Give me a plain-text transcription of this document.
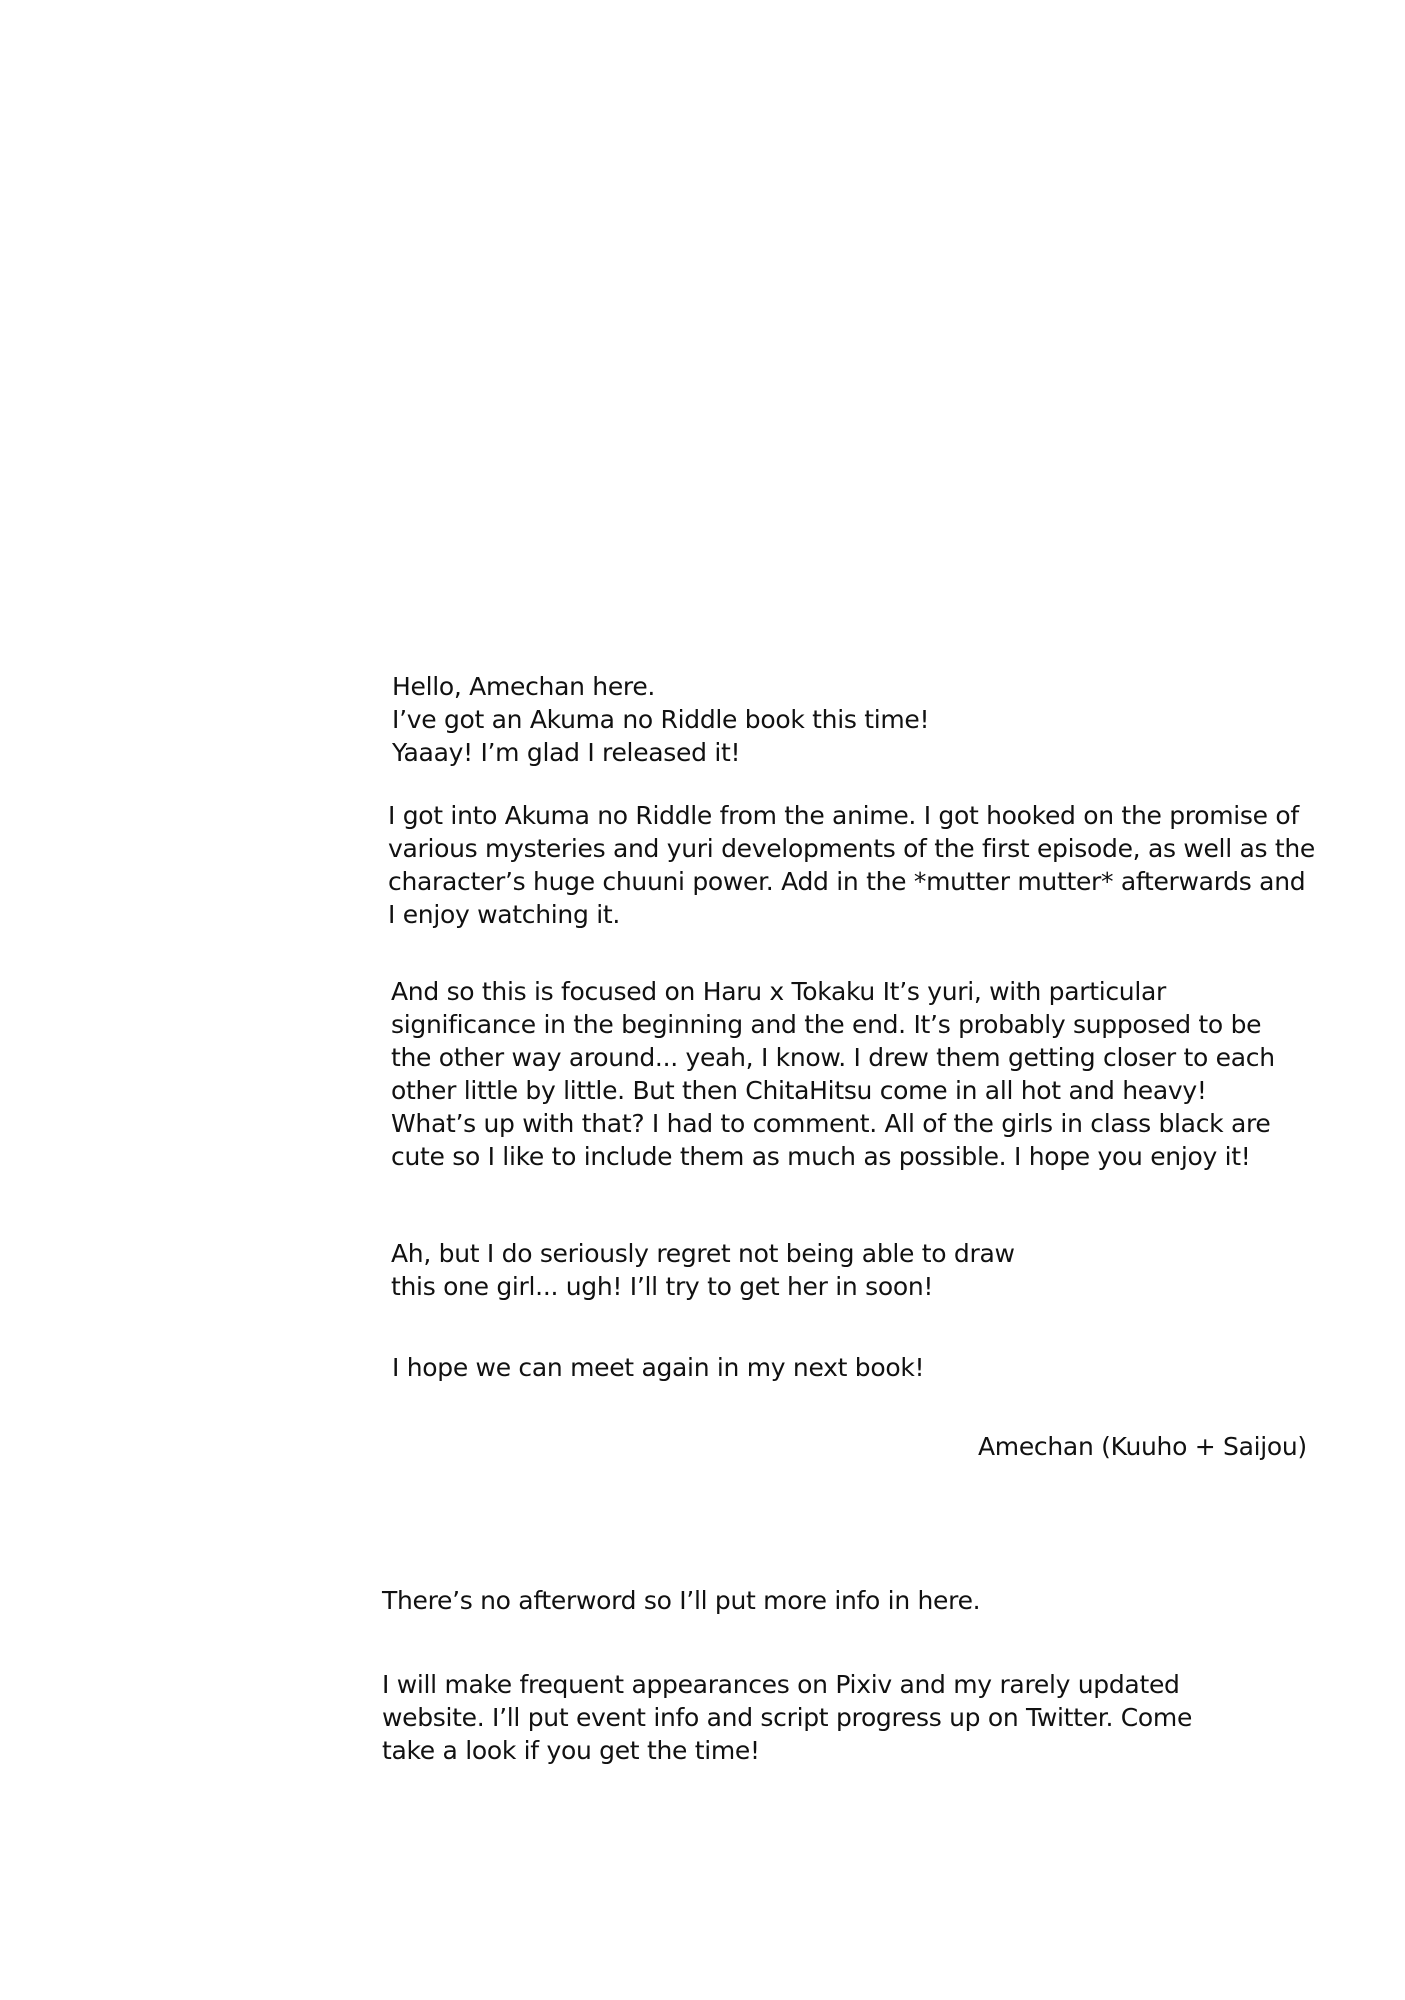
Hello, Amechan here.
I’ve got an Akuma no Riddle book this time!
Yaaay! I’m glad I released it!
I got into Akuma no Riddle from the anime. I got hooked on the promise of
various mysteries and yuri developments of the first episode, as well as the
character’s huge chuuni power. Add in the *mutter mutter* afterwards and
I enjoy watching it.
And so this is focused on Haru x Tokaku It’s yuri, with particular
significance in the beginning and the end. It’s probably supposed to be
the other way around... yeah, I know. I drew them getting closer to each
other little by little. But then ChitaHitsu come in all hot and heavy!
What’s up with that? I had to comment. All of the girls in class black are
cute so I like to include them as much as possible. I hope you enjoy it!
Ah, but I do seriously regret not being able to draw
this one girl... ugh! I’ll try to get her in soon!
I hope we can meet again in my next book!
Amechan (Kuuho + Saijou)
There’s no afterword so I’ll put more info in here.
I will make frequent appearances on Pixiv and my rarely updated
website. I’ll put event info and script progress up on Twitter. Come
take a look if you get the time!
